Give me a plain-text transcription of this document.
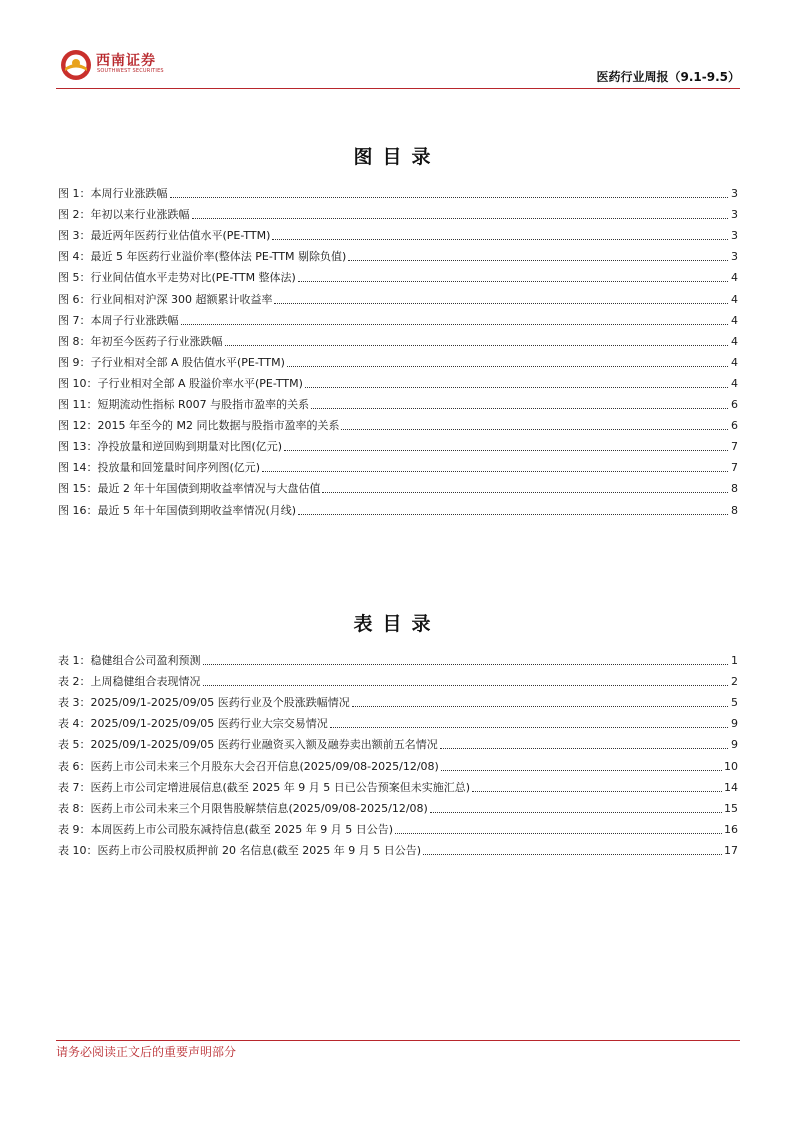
西南证券
SOUTHWEST SECURITIES	医药行业周报（9.1-9.5）
图目录
图 1：本周行业涨跌幅	3
图 2：年初以来行业涨跌幅	3
图 3：最近两年医药行业估值水平(PE-TTM)	3
图 4：最近 5 年医药行业溢价率(整体法 PE-TTM 剔除负值)	3
图 5：行业间估值水平走势对比(PE-TTM 整体法)	4
图 6：行业间相对沪深 300 超额累计收益率	4
图 7：本周子行业涨跌幅	4
图 8：年初至今医药子行业涨跌幅	4
图 9：子行业相对全部 A 股估值水平(PE-TTM)	4
图 10：子行业相对全部 A 股溢价率水平(PE-TTM)	4
图 11：短期流动性指标 R007 与股指市盈率的关系	6
图 12：2015 年至今的 M2 同比数据与股指市盈率的关系	6
图 13：净投放量和逆回购到期量对比图(亿元)	7
图 14：投放量和回笼量时间序列图(亿元)	7
图 15：最近 2 年十年国债到期收益率情况与大盘估值	8
图 16：最近 5 年十年国债到期收益率情况(月线)	8
表目录
表 1：稳健组合公司盈利预测	1
表 2：上周稳健组合表现情况	2
表 3：2025/09/1-2025/09/05 医药行业及个股涨跌幅情况	5
表 4：2025/09/1-2025/09/05 医药行业大宗交易情况	9
表 5：2025/09/1-2025/09/05 医药行业融资买入额及融券卖出额前五名情况	9
表 6：医药上市公司未来三个月股东大会召开信息(2025/09/08-2025/12/08)	10
表 7：医药上市公司定增进展信息(截至 2025 年 9 月 5 日已公告预案但未实施汇总)	14
表 8：医药上市公司未来三个月限售股解禁信息(2025/09/08-2025/12/08)	15
表 9：本周医药上市公司股东减持信息(截至 2025 年 9 月 5 日公告)	16
表 10：医药上市公司股权质押前 20 名信息(截至 2025 年 9 月 5 日公告)	17
请务必阅读正文后的重要声明部分
